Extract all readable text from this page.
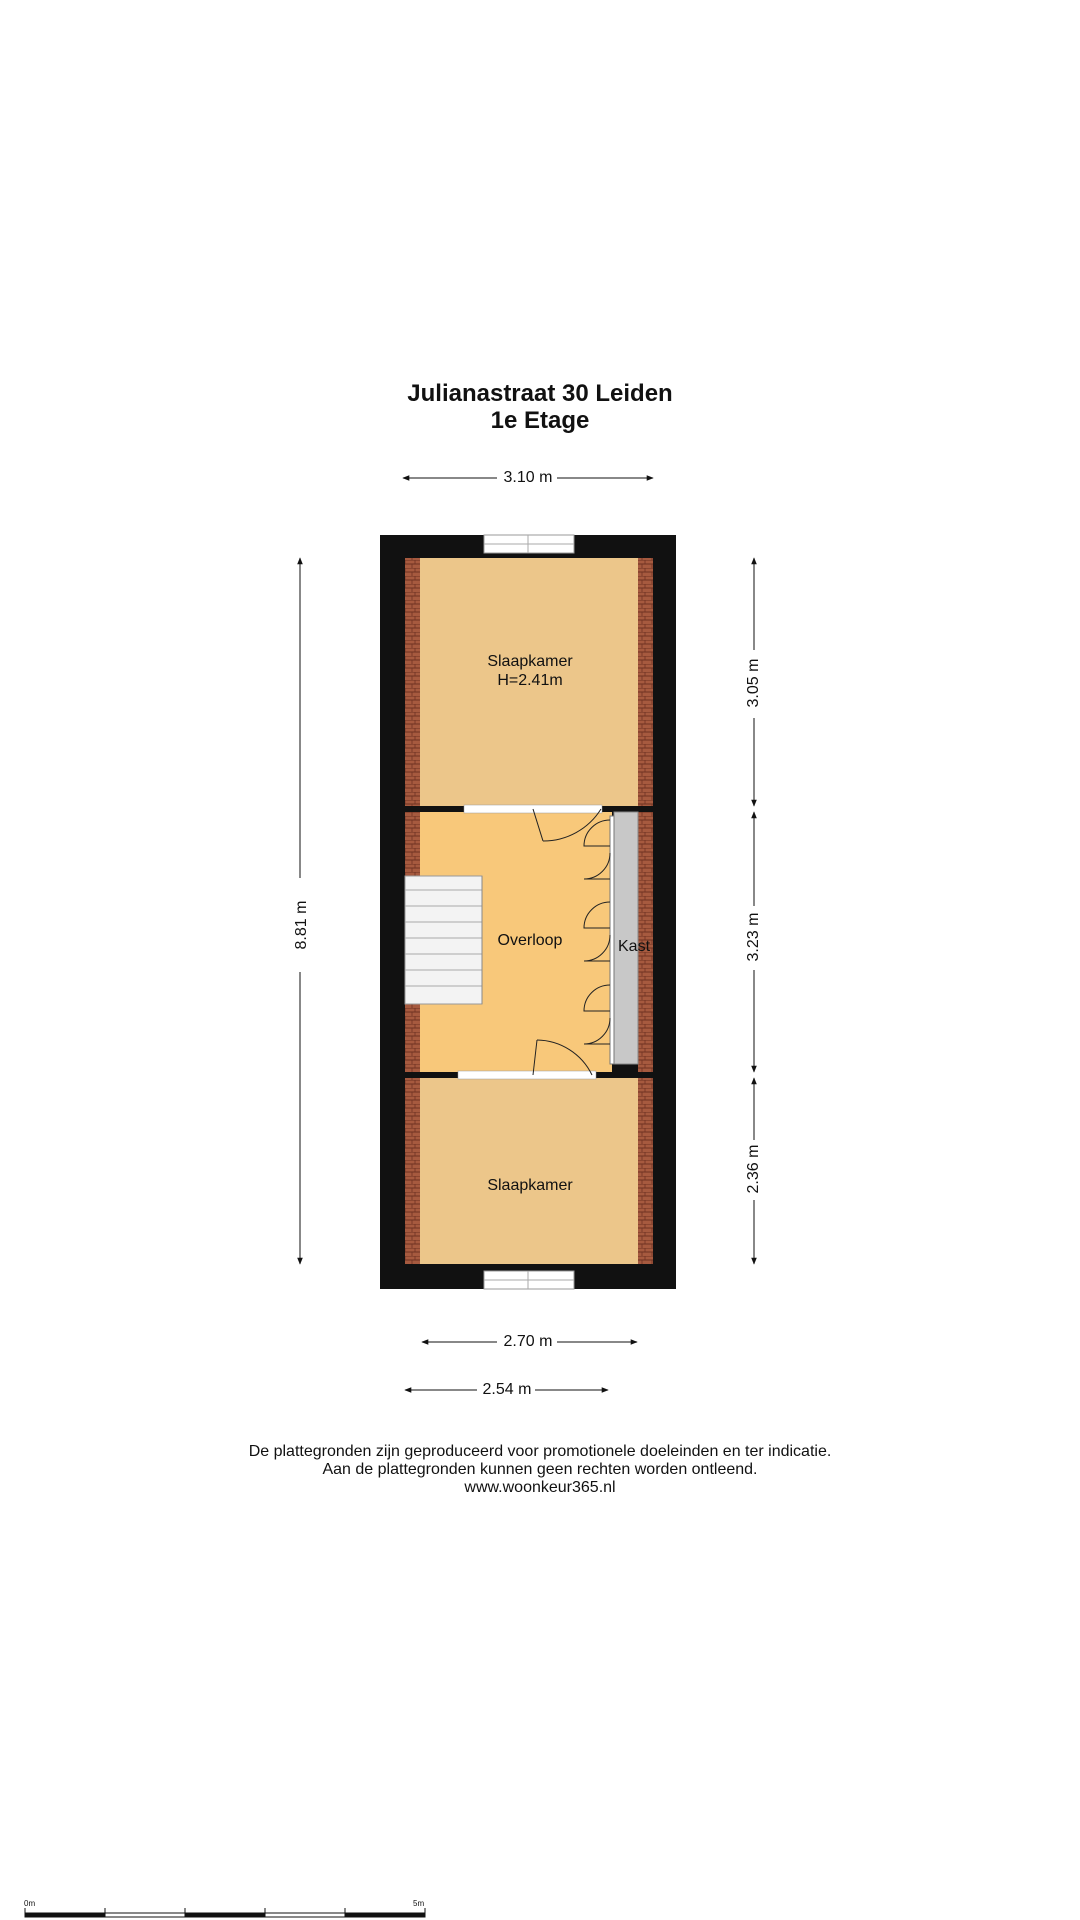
Julianastraat 30 Leiden
1e Etage
3.10 m
8.81 m
3.05 m
3.23 m
2.36 m
2.70 m
2.54 m
Slaapkamer
H=2.41m
Overloop	Kast
Slaapkamer
De plattegronden zijn geproduceerd voor promotionele doeleinden en ter indicatie.
Aan de plattegronden kunnen geen rechten worden ontleend.
www.woonkeur365.nl
0m	5m
